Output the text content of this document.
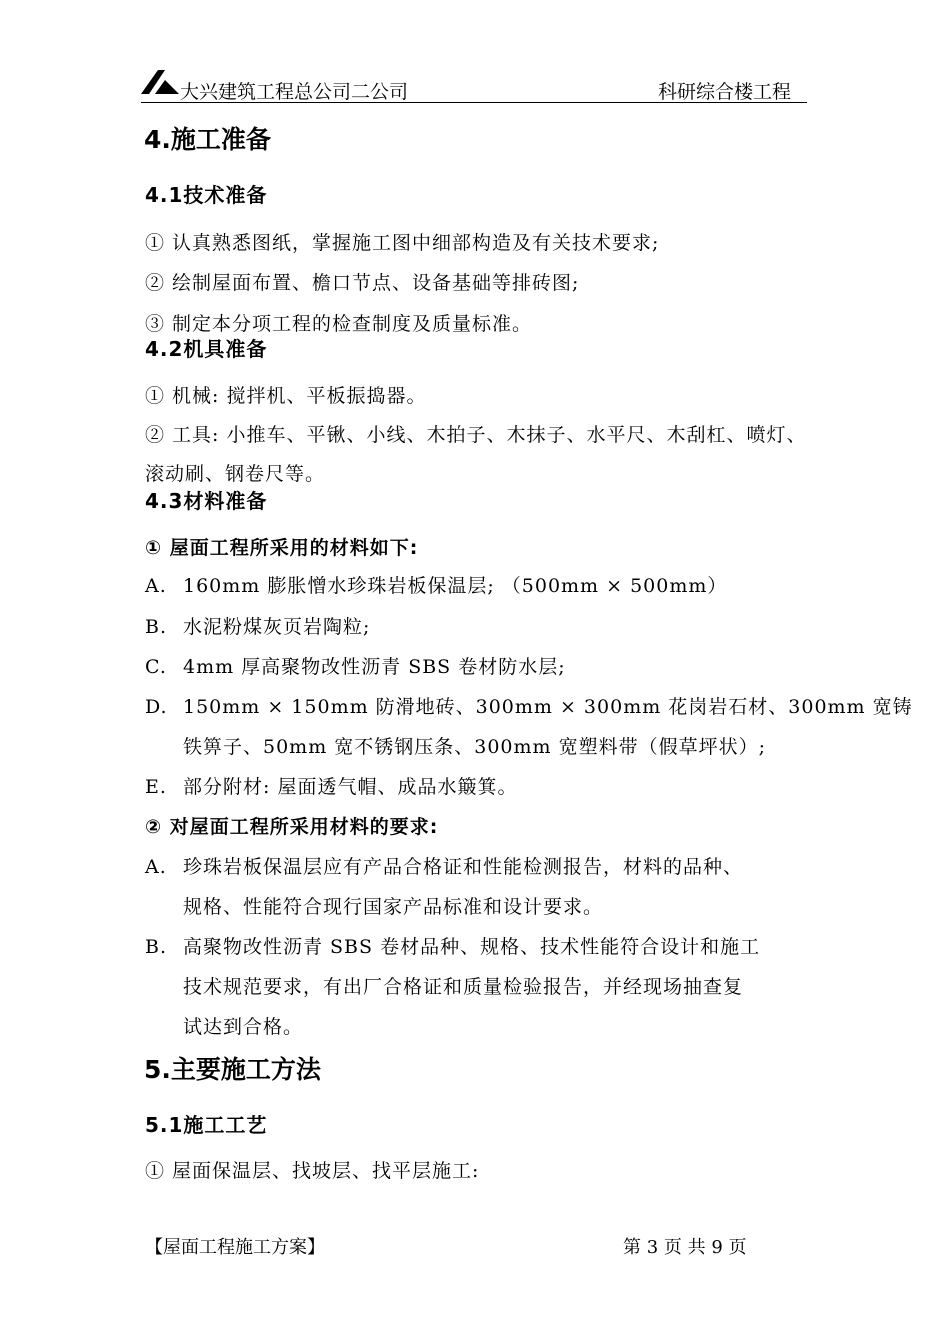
大兴建筑工程总公司二公司	科研综合楼工程
4.施工准备
4.1技术准备
① 认真熟悉图纸，掌握施工图中细部构造及有关技术要求;
② 绘制屋面布置、檐口节点、设备基础等排砖图;
③ 制定本分项工程的检查制度及质量标准。
4.2机具准备
① 机械: 搅拌机、平板振捣器。
② 工具: 小推车、平锹、小线、木拍子、木抹子、水平尺、木刮杠、喷灯、
滚动刷、钢卷尺等。
4.3材料准备
① 屋面工程所采用的材料如下:
A. 160mm 膨胀憎水珍珠岩板保温层; （500mm × 500mm）
B. 水泥粉煤灰页岩陶粒;
C. 4mm 厚高聚物改性沥青 SBS 卷材防水层;
D. 150mm × 150mm 防滑地砖、300mm × 300mm 花岗岩石材、300mm 宽铸
铁箅子、50mm 宽不锈钢压条、300mm 宽塑料带（假草坪状）;
E. 部分附材: 屋面透气帽、成品水簸箕。
② 对屋面工程所采用材料的要求:
A. 珍珠岩板保温层应有产品合格证和性能检测报告，材料的品种、
规格、性能符合现行国家产品标准和设计要求。
B. 高聚物改性沥青 SBS 卷材品种、规格、技术性能符合设计和施工
技术规范要求，有出厂合格证和质量检验报告，并经现场抽查复
试达到合格。
5.主要施工方法
5.1施工工艺
① 屋面保温层、找坡层、找平层施工:
【屋面工程施工方案】	第 3 页 共 9 页
